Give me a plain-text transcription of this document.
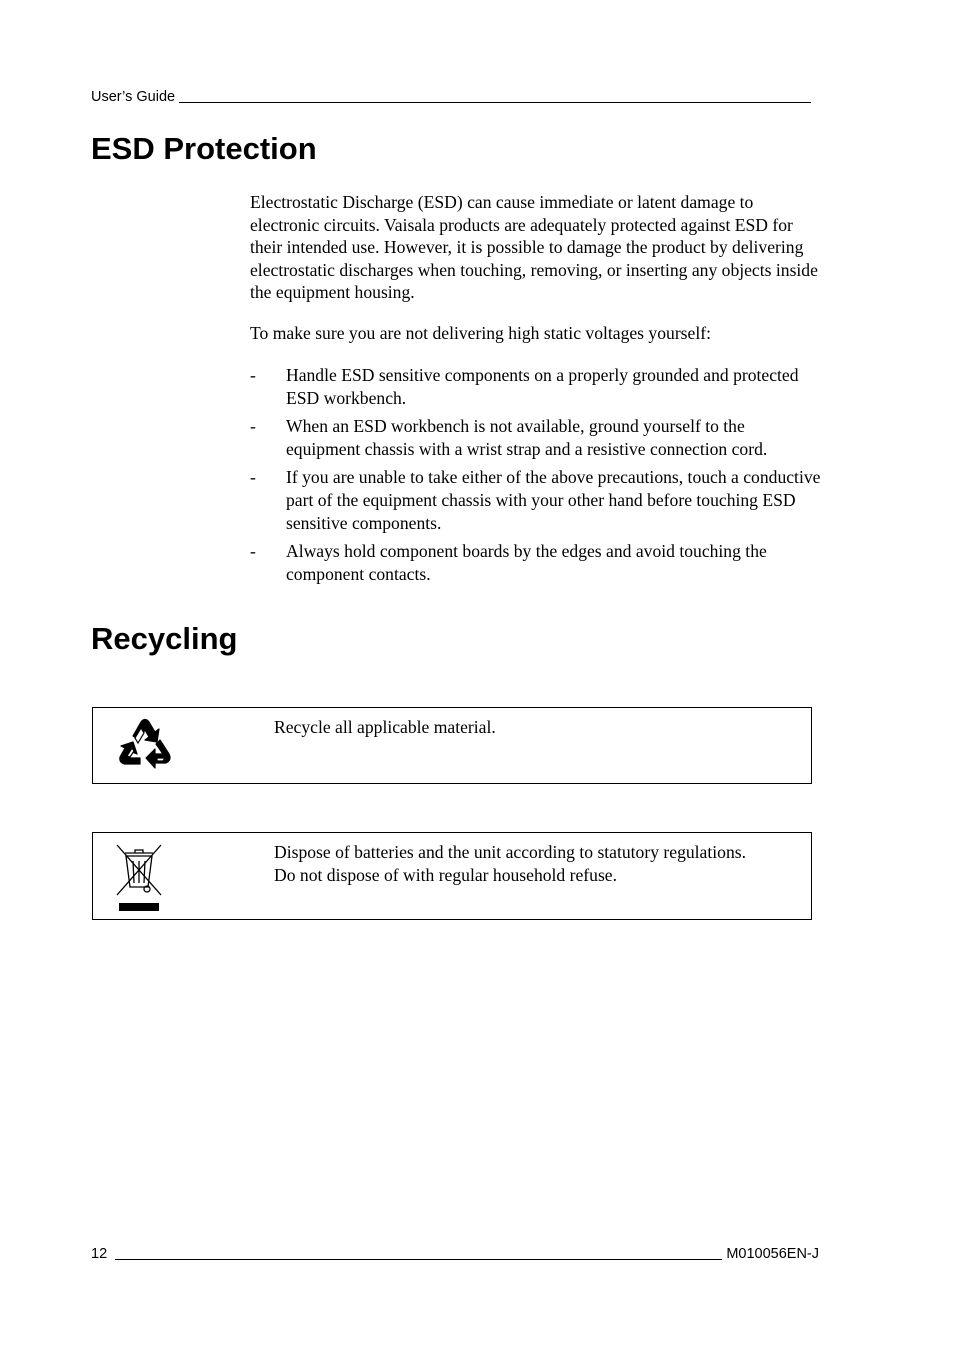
User’s Guide
ESD Protection

Electrostatic Discharge (ESD) can cause immediate or latent damage to electronic circuits. Vaisala products are adequately protected against ESD for their intended use. However, it is possible to damage the product by delivering electrostatic discharges when touching, removing, or inserting any objects inside the equipment housing.

To make sure you are not delivering high static voltages yourself:

- Handle ESD sensitive components on a properly grounded and protected ESD workbench.
- When an ESD workbench is not available, ground yourself to the equipment chassis with a wrist strap and a resistive connection cord.
- If you are unable to take either of the above precautions, touch a conductive part of the equipment chassis with your other hand before touching ESD sensitive components.
- Always hold component boards by the edges and avoid touching the component contacts.
Recycling
Recycle all applicable material.
Dispose of batteries and the unit according to statutory regulations.
Do not dispose of with regular household refuse.
12	M010056EN-J
